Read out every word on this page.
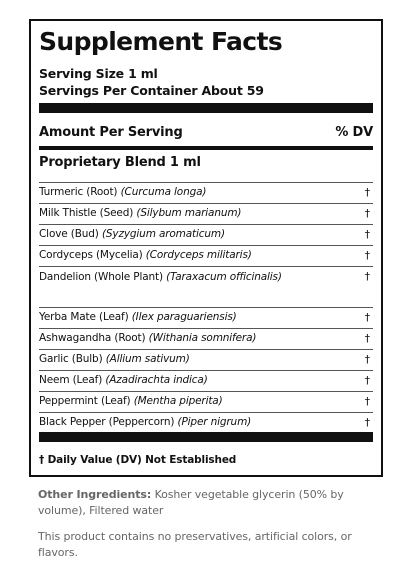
Supplement Facts
Serving Size 1 ml
Servings Per Container About 59
Amount Per Serving	% DV
Proprietary Blend 1 ml
Turmeric (Root) (Curcuma longa)	†
Milk Thistle (Seed) (Silybum marianum)	†
Clove (Bud) (Syzygium aromaticum)	†
Cordyceps (Mycelia) (Cordyceps militaris)	†
Dandelion (Whole Plant) (Taraxacum officinalis)	†
Yerba Mate (Leaf) (Ilex paraguariensis)	†
Ashwagandha (Root) (Withania somnifera)	†
Garlic (Bulb) (Allium sativum)	†
Neem (Leaf) (Azadirachta indica)	†
Peppermint (Leaf) (Mentha piperita)	†
Black Pepper (Peppercorn) (Piper nigrum)	†
† Daily Value (DV) Not Established
Other Ingredients: Kosher vegetable glycerin (50% by volume), Filtered water
This product contains no preservatives, artificial colors, or flavors.
